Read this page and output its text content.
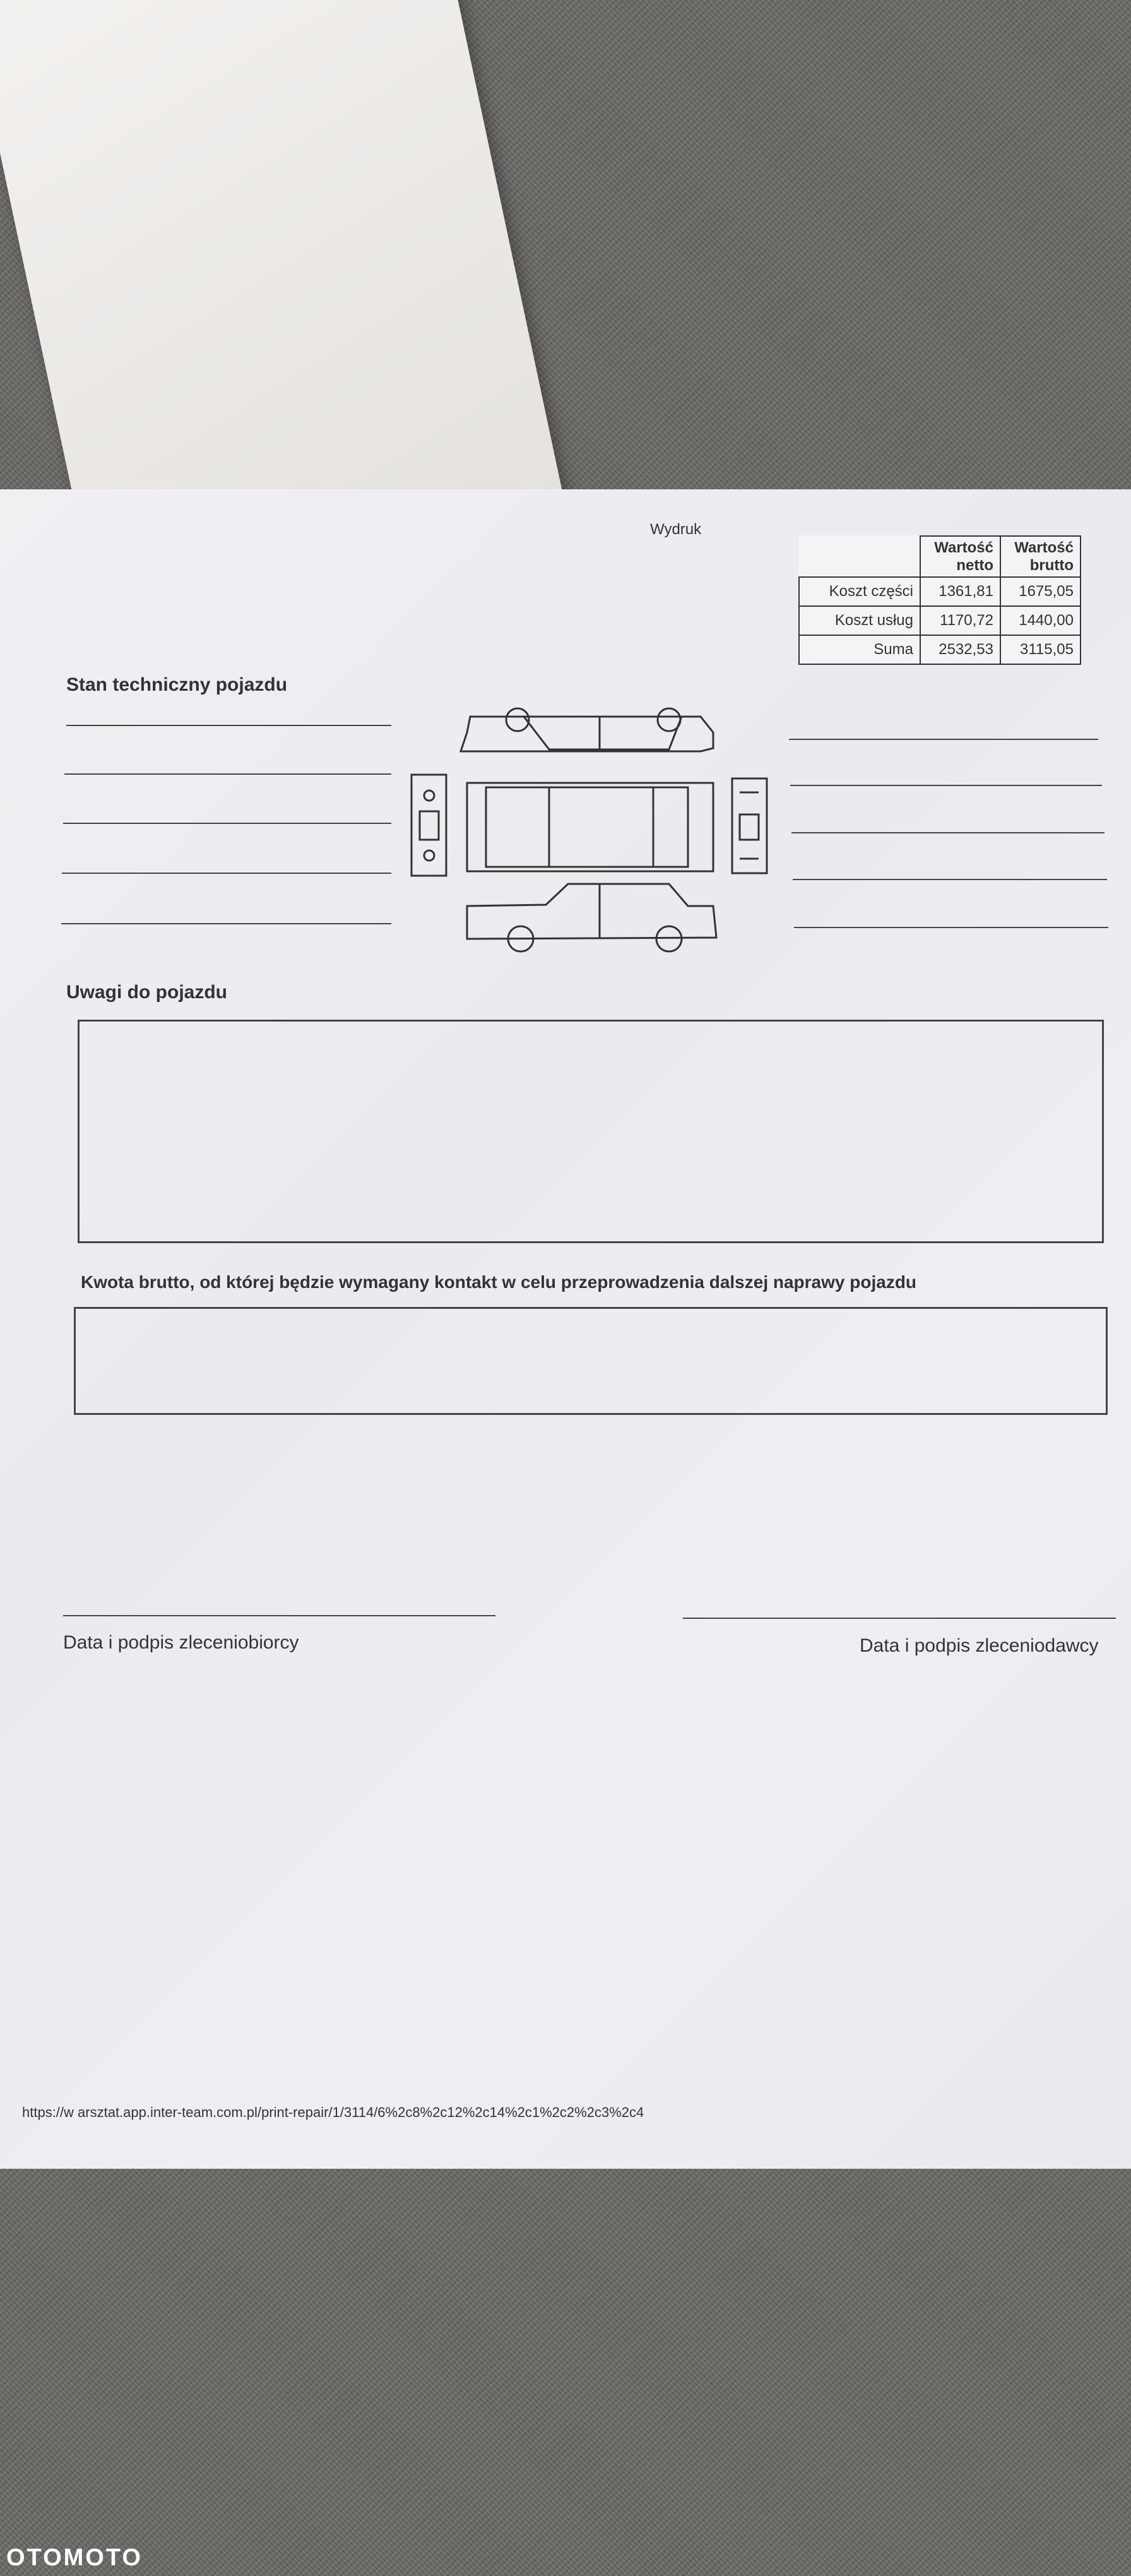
Wydruk
	Wartość netto	Wartość brutto
Koszt części	1361,81	1675,05
Koszt usług	1170,72	1440,00
Suma	2532,53	3115,05
Stan techniczny pojazdu
Uwagi do pojazdu
Kwota brutto, od której będzie wymagany kontakt w celu przeprowadzenia dalszej naprawy pojazdu
Data i podpis zleceniobiorcy	Data i podpis zleceniodawcy
https://w arsztat.app.inter-team.com.pl/print-repair/1/3114/6%2c8%2c12%2c14%2c1%2c2%2c3%2c4
OTOMOTO
